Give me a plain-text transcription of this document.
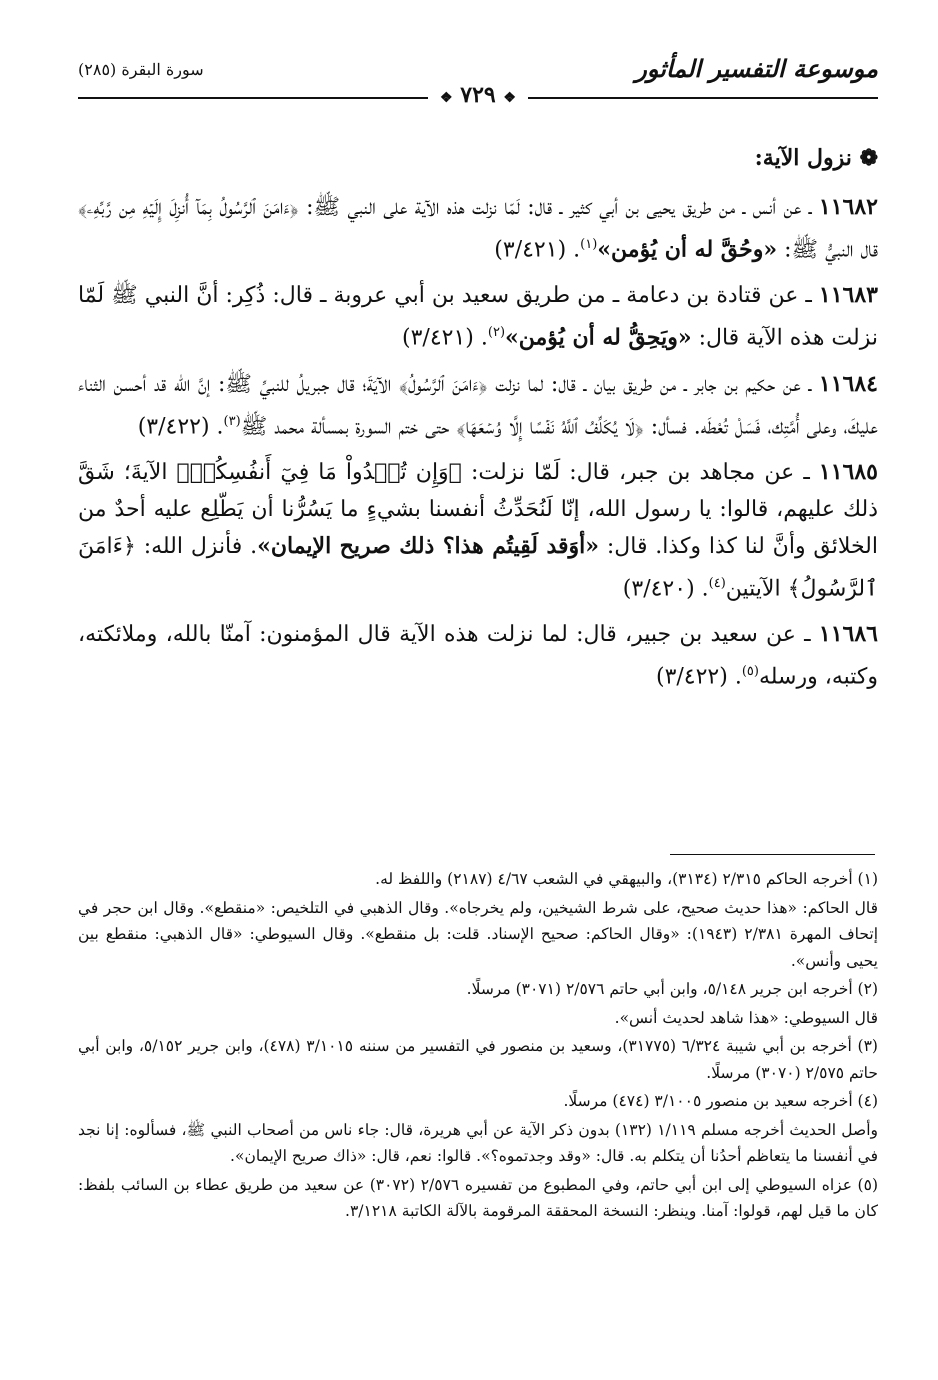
موسوعة التفسير المأثور
سورة البقرة (٢٨٥)
❖ ٧٢٩ ❖

❁ نزول الآية:

١١٦٨٢ ـ عن أنس ـ من طريق يحيى بن أبي كثير ـ قال: لَمّا نزلت هذه الآية على النبي ﷺ: ﴿ءَامَنَ ٱلرَّسُولُ بِمَآ أُنزِلَ إِلَيۡهِ مِن رَّبِّهِۦ﴾ قال النبيُّ ﷺ: «وحُقَّ له أن يُؤمن»$^{(١)}$. (٣/٤٢١)

١١٦٨٣ ـ عن قتادة بن دعامة ـ من طريق سعيد بن أبي عروبة ـ قال: ذُكِر: أنَّ النبي ﷺ لَمّا نزلت هذه الآية قال: «ويَحِقُّ له أن يُؤمن»$^{(٢)}$. (٣/٤٢١)

١١٦٨٤ ـ عن حكيم بن جابر ـ من طريق بيان ـ قال: لما نزلت ﴿ءَامَنَ ٱلرَّسُولُ﴾ الآيَةَ؛ قال جبريلُ للنبيِّ ﷺ: إنَّ الله قد أحسن الثناء عليكَ، وعلى أُمَّتِك، فَسَلْ تُعْطَه. فسأل: ﴿لَا يُكَلِّفُ ٱللَّهُ نَفۡسًا إِلَّا وُسۡعَهَا﴾ حتى ختم السورة بمسألة محمد ﷺ$^{(٣)}$. (٣/٤٢٢)

١١٦٨٥ ـ عن مجاهد بن جبر، قال: لَمّا نزلت: ﴿وَإِن تُبۡدُواْ مَا فِيٓ أَنفُسِكُمۡ﴾ الآيةَ؛ شَقَّ ذلك عليهم، قالوا: يا رسول الله، إنّا لَنُحَدِّثُ أنفسنا بشيءٍ ما يَسُرُّنا أن يَطّلِع عليه أحدٌ من الخلائق وأنَّ لنا كذا وكذا. قال: «أوَقد لَقِيتُم هذا؟ ذلك صريح الإيمان». فأنزل الله: ﴿ءَامَنَ ٱلرَّسُولُ﴾ الآيتين$^{(٤)}$. (٣/٤٢٠)

١١٦٨٦ ـ عن سعيد بن جبير، قال: لما نزلت هذه الآية قال المؤمنون: آمنّا بالله، وملائكته، وكتبه، ورسله$^{(٥)}$. (٣/٤٢٢)

(١) أخرجه الحاكم ٢/٣١٥ (٣١٣٤)، والبيهقي في الشعب ٤/٦٧ (٢١٨٧) واللفظ له.

قال الحاكم: «هذا حديث صحيح، على شرط الشيخين، ولم يخرجاه». وقال الذهبي في التلخيص: «منقطع». وقال ابن حجر في إتحاف المهرة ٢/٣٨١ (١٩٤٣): «وقال الحاكم: صحيح الإسناد. قلت: بل منقطع». وقال السيوطي: «قال الذهبي: منقطع بين يحيى وأنس».

(٢) أخرجه ابن جرير ٥/١٤٨، وابن أبي حاتم ٢/٥٧٦ (٣٠٧١) مرسلًا.

قال السيوطي: «هذا شاهد لحديث أنس».

(٣) أخرجه بن أبي شيبة ٦/٣٢٤ (٣١٧٧٥)، وسعيد بن منصور في التفسير من سننه ٣/١٠١٥ (٤٧٨)، وابن جرير ٥/١٥٢، وابن أبي حاتم ٢/٥٧٥ (٣٠٧٠) مرسلًا.

(٤) أخرجه سعيد بن منصور ٣/١٠٠٥ (٤٧٤) مرسلًا.

وأصل الحديث أخرجه مسلم ١/١١٩ (١٣٢) بدون ذكر الآية عن أبي هريرة، قال: جاء ناس من أصحاب النبي ﷺ، فسألوه: إنا نجد في أنفسنا ما يتعاظم أحدُنا أن يتكلم به. قال: «وقد وجدتموه؟». قالوا: نعم، قال: «ذاك صريح الإيمان».

(٥) عزاه السيوطي إلى ابن أبي حاتم، وفي المطبوع من تفسيره ٢/٥٧٦ (٣٠٧٢) عن سعيد من طريق عطاء بن السائب بلفظ: كان ما قيل لهم، قولوا: آمنا. وينظر: النسخة المحققة المرقومة بالآلة الكاتبة ٣/١٢١٨.
